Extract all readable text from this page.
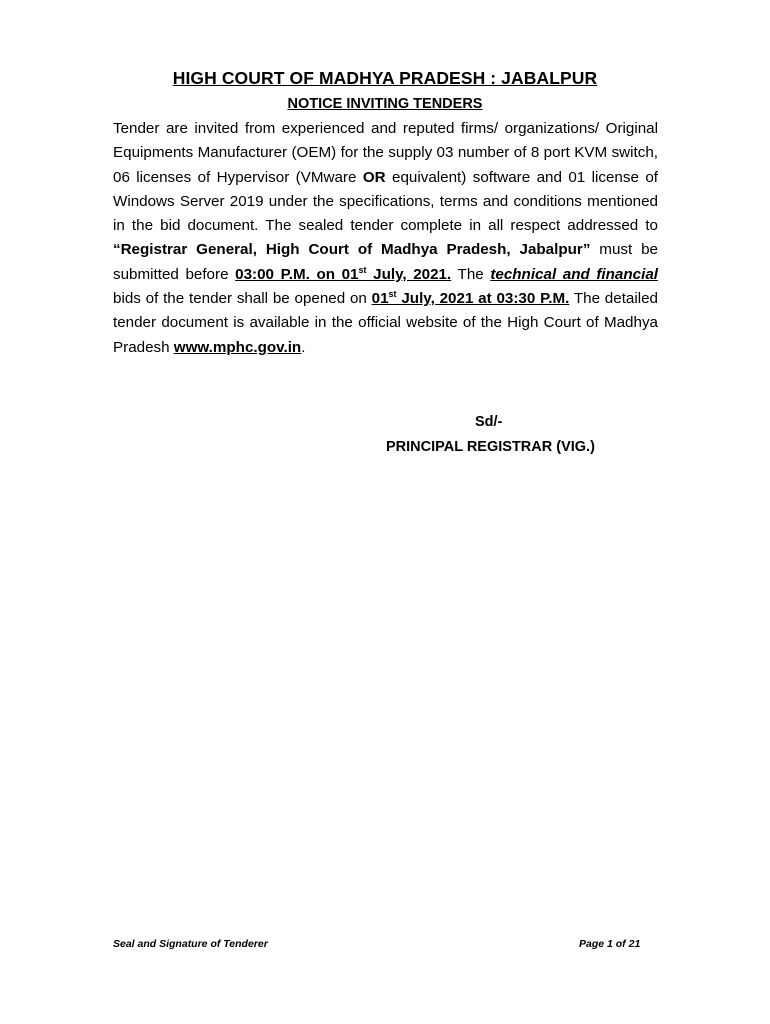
HIGH COURT OF MADHYA PRADESH : JABALPUR
NOTICE INVITING TENDERS

Tender are invited from experienced and reputed firms/ organizations/ Original Equipments Manufacturer (OEM) for the supply 03 number of 8 port KVM switch, 06 licenses of Hypervisor (VMware OR equivalent) software and 01 license of Windows Server 2019 under the specifications, terms and conditions mentioned in the bid document. The sealed tender complete in all respect addressed to “Registrar General, High Court of Madhya Pradesh, Jabalpur” must be submitted before 03:00 P.M. on 01st July, 2021. The technical and financial bids of the tender shall be opened on 01st July, 2021 at 03:30 P.M. The detailed tender document is available in the official website of the High Court of Madhya Pradesh www.mphc.gov.in.

Sd/-
PRINCIPAL REGISTRAR (VIG.)
Seal and Signature of Tenderer	Page 1 of 21
